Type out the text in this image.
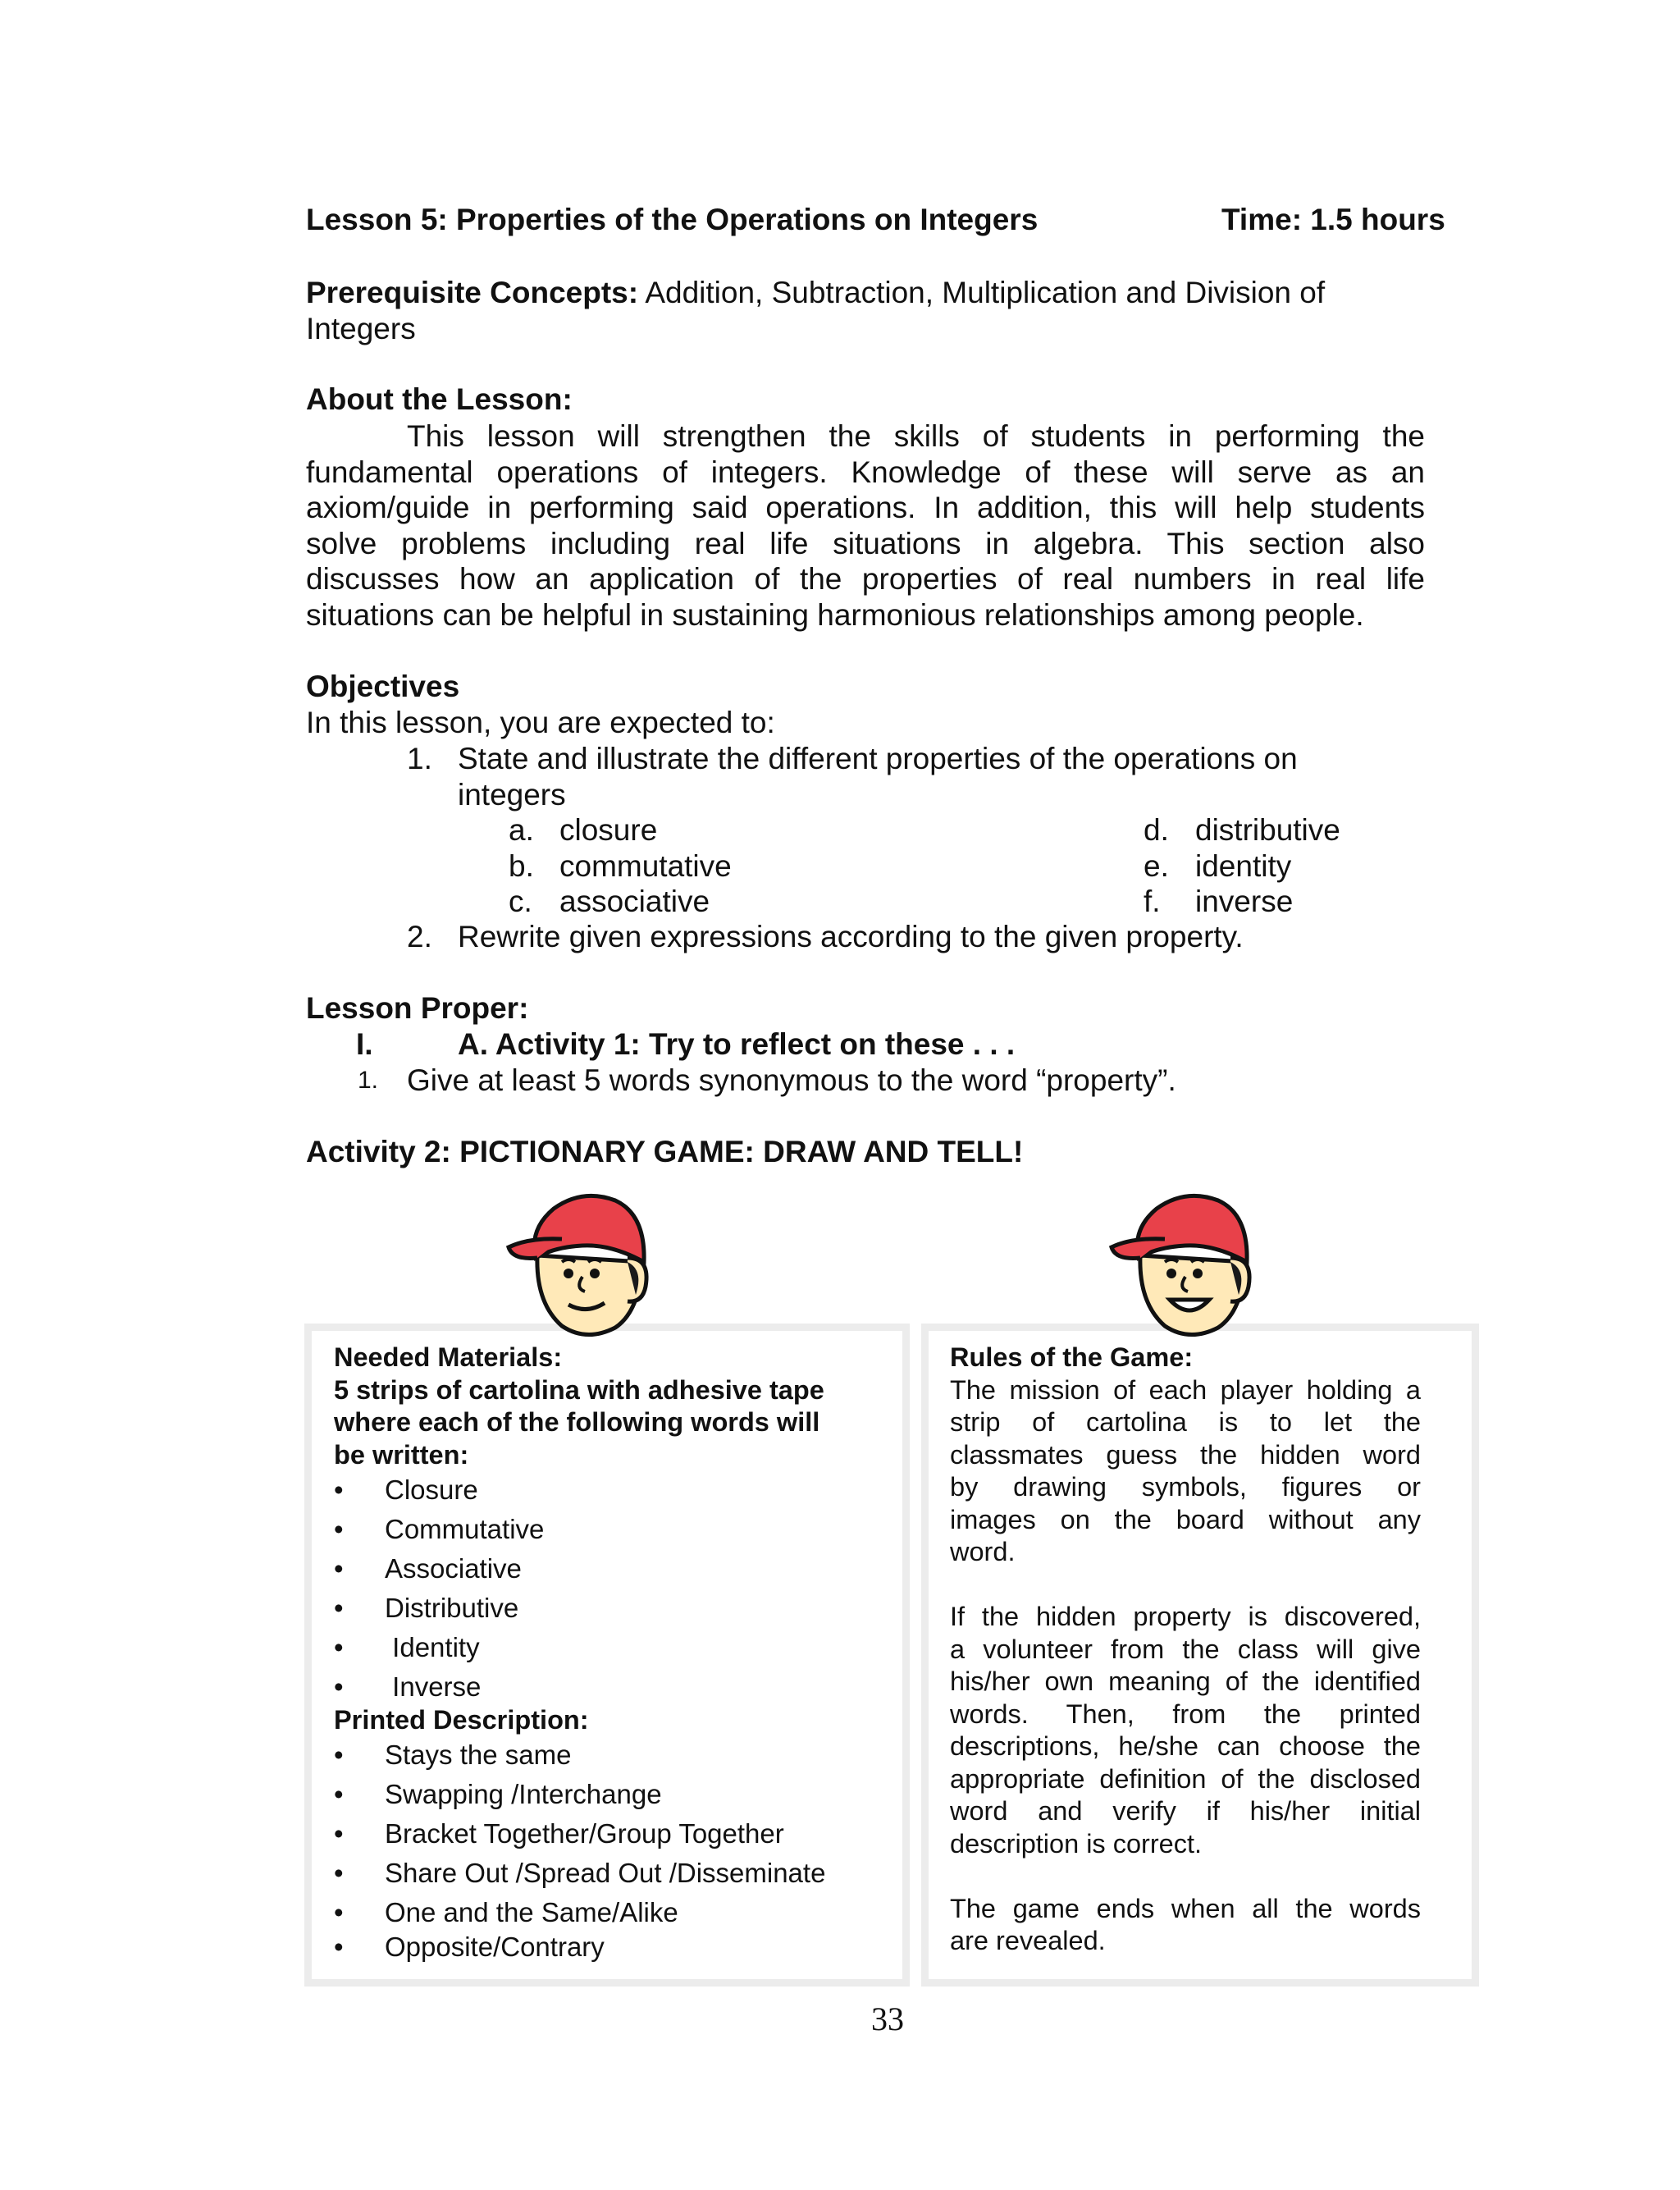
Lesson 5: Properties of the Operations on Integers	Time: 1.5 hours
Prerequisite Concepts: Addition, Subtraction, Multiplication and Division of
Integers
About the Lesson:
This lesson will strengthen the skills of students in performing the
fundamental operations of integers. Knowledge of these will serve as an
axiom/guide in performing said operations. In addition, this will help students
solve problems including real life situations in algebra. This section also
discusses how an application of the properties of real numbers in real life
situations can be helpful in sustaining harmonious relationships among people.
Objectives
In this lesson, you are expected to:
1. State and illustrate the different properties of the operations on
integers
a. closure
b. commutative
c. associative
d. distributive
e. identity
f. inverse
2. Rewrite given expressions according to the given property.
Lesson Proper:
I.	A. Activity 1: Try to reflect on these . . .
1. Give at least 5 words synonymous to the word “property”.
Activity 2: PICTIONARY GAME: DRAW AND TELL!
Needed Materials:
5 strips of cartolina with adhesive tape
where each of the following words will
be written:
• Closure
• Commutative
• Associative
• Distributive
• Identity
• Inverse
Printed Description:
• Stays the same
• Swapping /Interchange
• Bracket Together/Group Together
• Share Out /Spread Out /Disseminate
• One and the Same/Alike
• Opposite/Contrary
Rules of the Game:
The mission of each player holding a
strip of cartolina is to let the
classmates guess the hidden word
by drawing symbols, figures or
images on the board without any
word.
If the hidden property is discovered,
a volunteer from the class will give
his/her own meaning of the identified
words. Then, from the printed
descriptions, he/she can choose the
appropriate definition of the disclosed
word and verify if his/her initial
description is correct.
The game ends when all the words
are revealed.
33
